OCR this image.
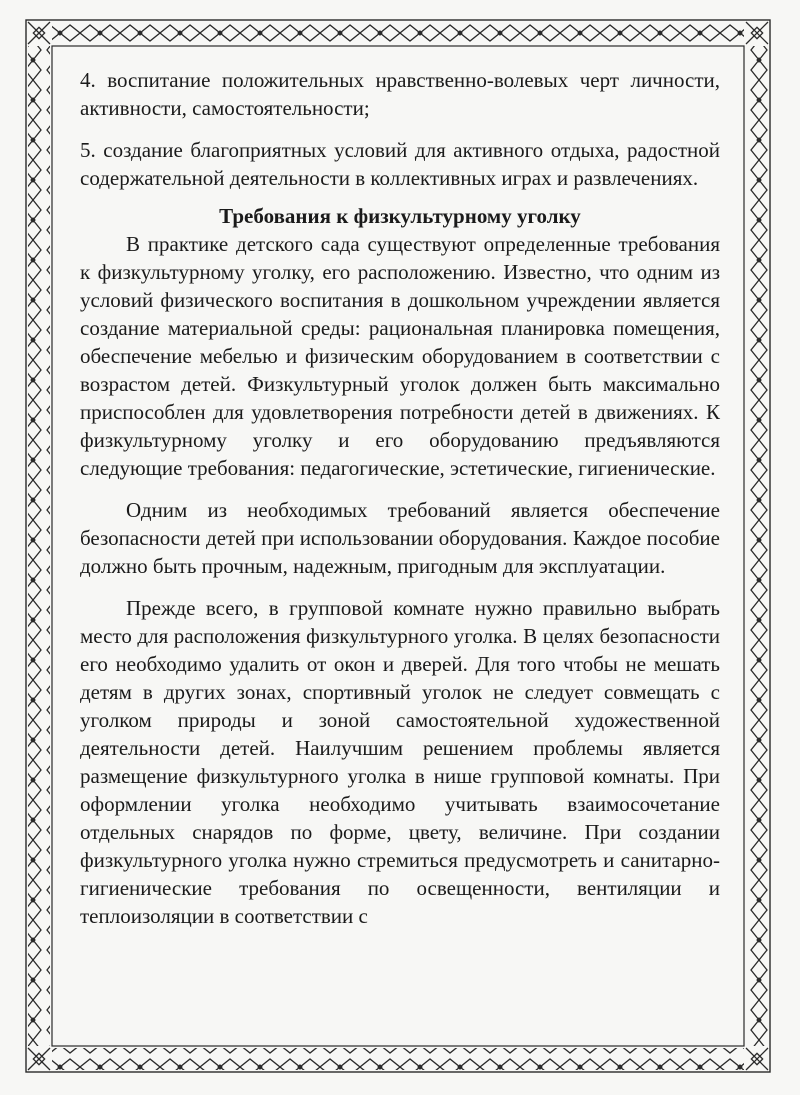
4. воспитание положительных нравственно-волевых черт личности, активности, самостоятельности;

5. создание благоприятных условий для активного отдыха, радостной содержательной деятельности в коллективных играх и развлечениях.

Требования к физкультурному уголку

В практике детского сада существуют определенные требования к физкультурному уголку, его расположению. Известно, что одним из условий физического воспитания в дошкольном учреждении является создание материальной среды: рациональная планировка помещения, обеспечение мебелью и физическим оборудованием в соответствии с возрастом детей. Физкультурный уголок должен быть максимально приспособлен для удовлетворения потребности детей в движениях. К физкультурному уголку и его оборудованию предъявляются следующие требования: педагогические, эстетические, гигиенические.

Одним из необходимых требований является обеспечение безопасности детей при использовании оборудования. Каждое пособие должно быть прочным, надежным, пригодным для эксплуатации.

Прежде всего, в групповой комнате нужно правильно выбрать место для расположения физкультурного уголка. В целях безопасности его необходимо удалить от окон и дверей. Для того чтобы не мешать детям в других зонах, спортивный уголок не следует совмещать с уголком природы и зоной самостоятельной художественной деятельности детей. Наилучшим решением проблемы является размещение физкультурного уголка в нише групповой комнаты. При оформлении уголка необходимо учитывать взаимосочетание отдельных снарядов по форме, цвету, величине. При создании физкультурного уголка нужно стремиться предусмотреть и санитарно-гигиенические требования по освещенности, вентиляции и теплоизоляции в соответствии с
